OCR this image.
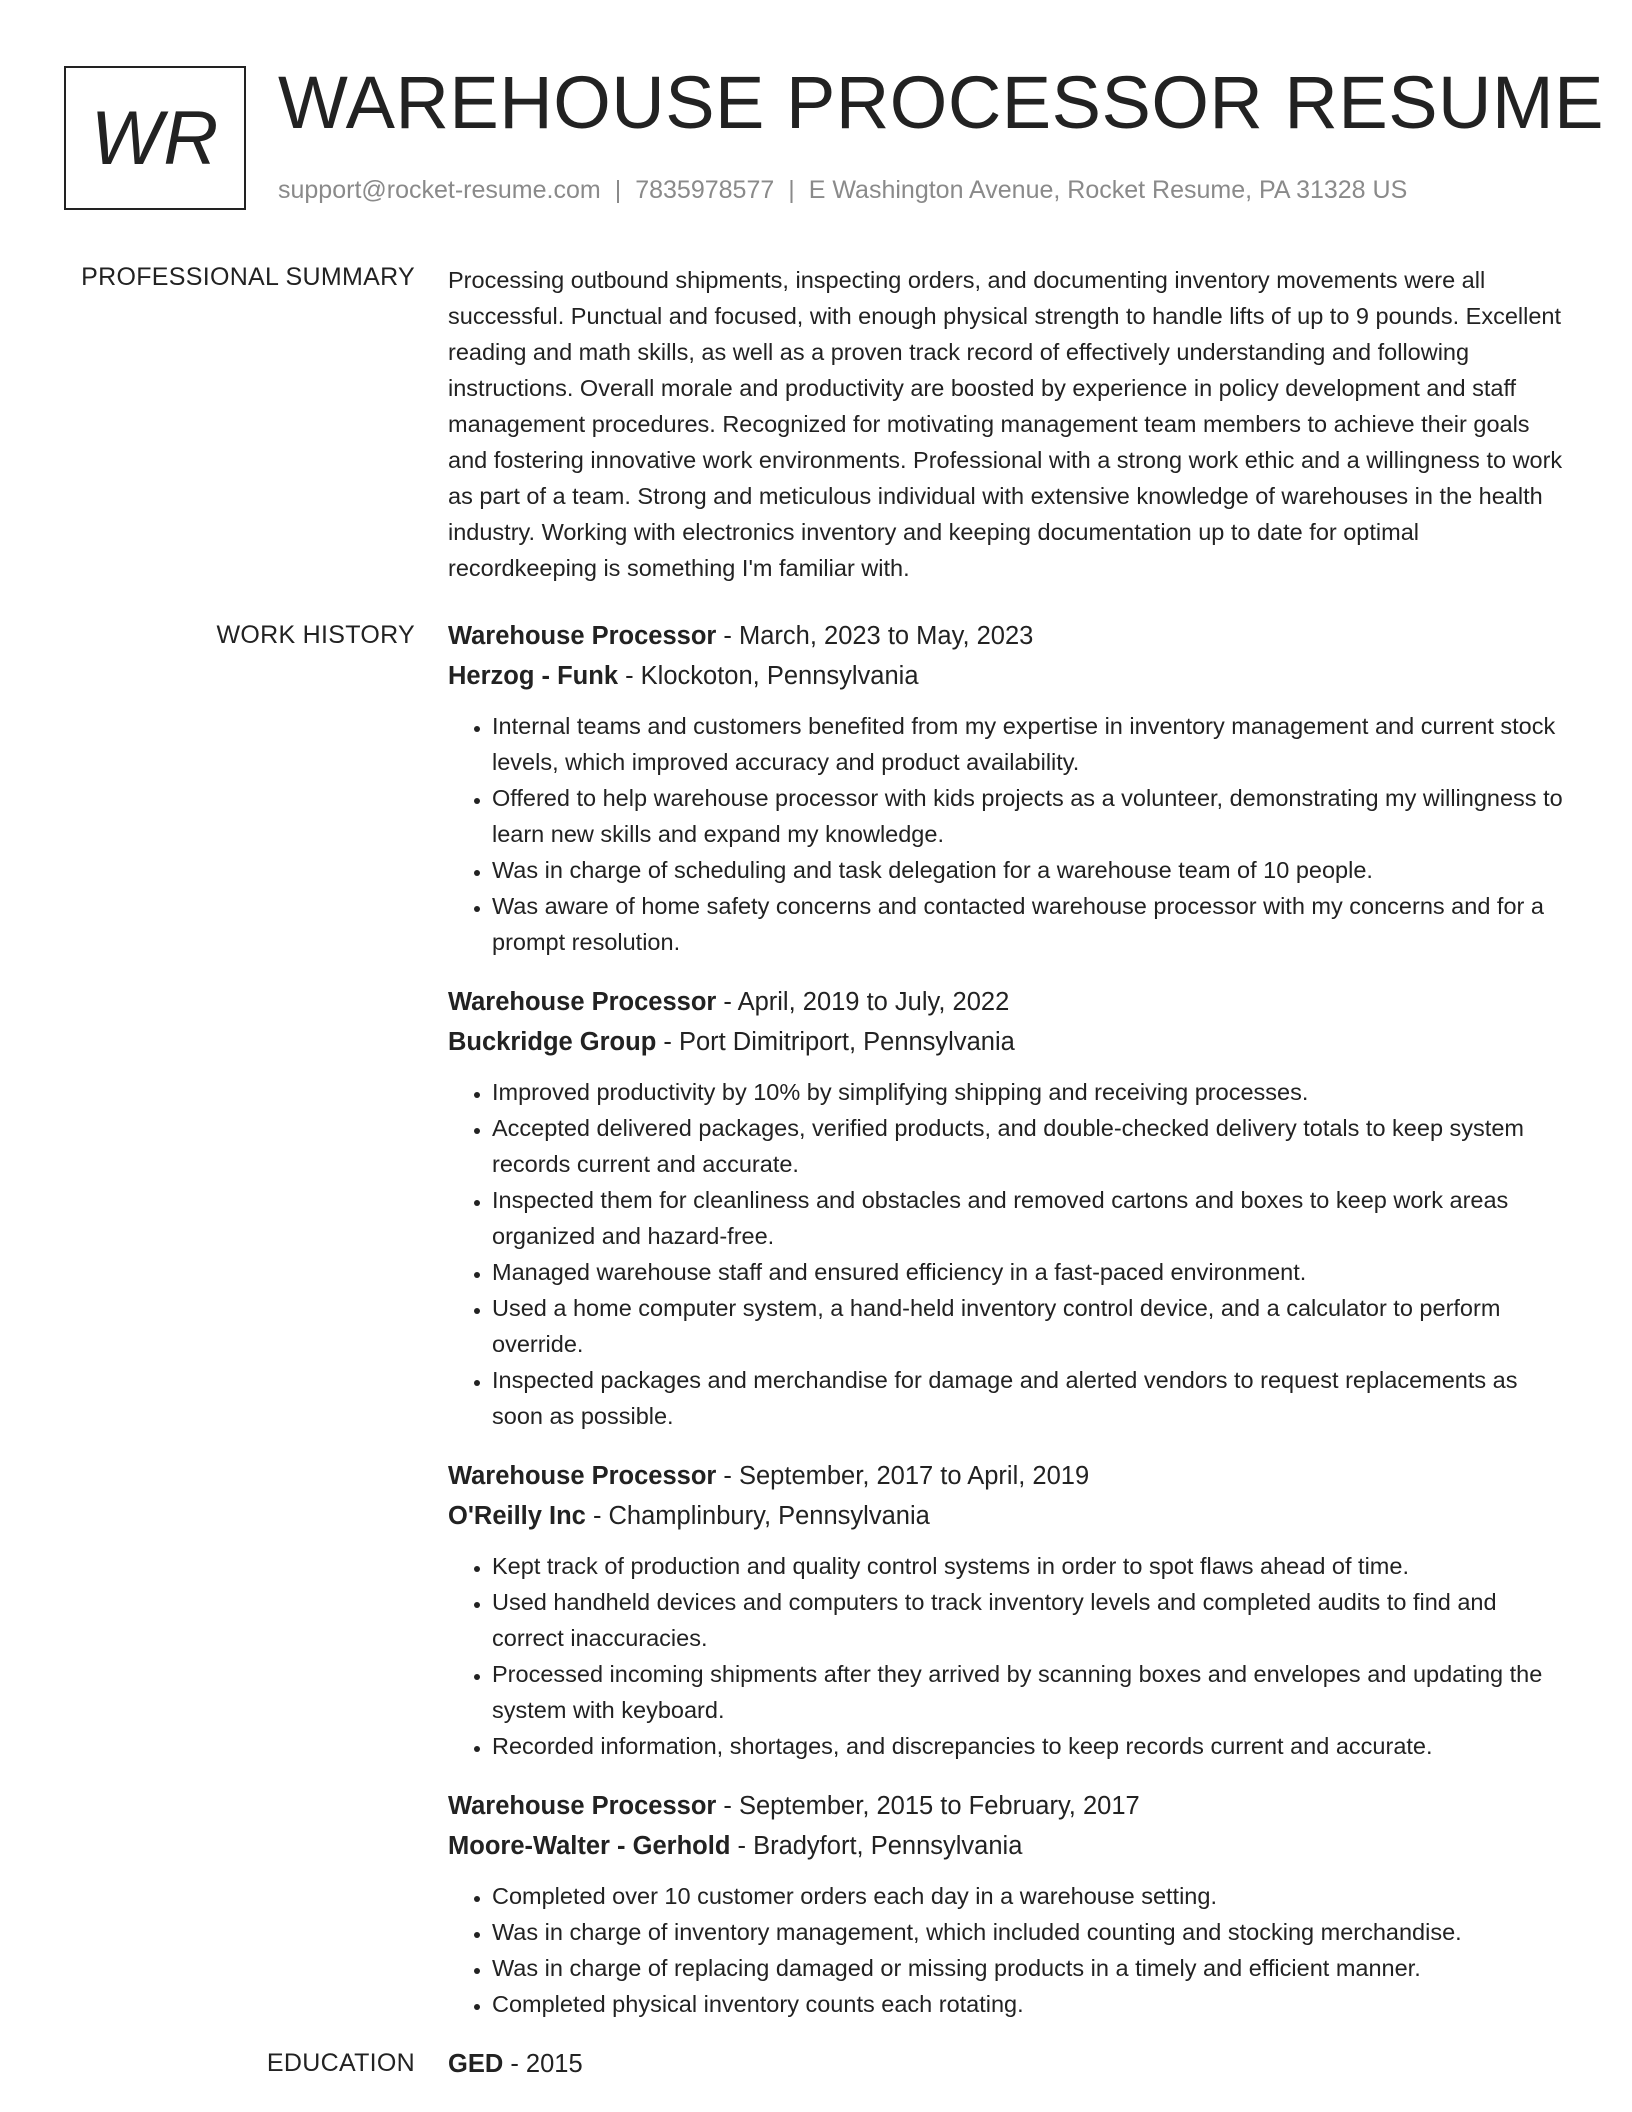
WR WAREHOUSE PROCESSOR RESUME
support@rocket-resume.com | 7835978577 | E Washington Avenue, Rocket Resume, PA 31328 US
PROFESSIONAL SUMMARY Processing outbound shipments, inspecting orders, and documenting inventory movements were all successful. Punctual and focused, with enough physical strength to handle lifts of up to 9 pounds. Excellent reading and math skills, as well as a proven track record of effectively understanding and following instructions. Overall morale and productivity are boosted by experience in policy development and staff management procedures. Recognized for motivating management team members to achieve their goals and fostering innovative work environments. Professional with a strong work ethic and a willingness to work as part of a team. Strong and meticulous individual with extensive knowledge of warehouses in the health industry. Working with electronics inventory and keeping documentation up to date for optimal recordkeeping is something I'm familiar with.

WORK HISTORY Warehouse Processor - March, 2023 to May, 2023
Herzog - Funk - Klockoton, Pennsylvania
• Internal teams and customers benefited from my expertise in inventory management and current stock levels, which improved accuracy and product availability.
• Offered to help warehouse processor with kids projects as a volunteer, demonstrating my willingness to learn new skills and expand my knowledge.
• Was in charge of scheduling and task delegation for a warehouse team of 10 people.
• Was aware of home safety concerns and contacted warehouse processor with my concerns and for a prompt resolution.
Warehouse Processor - April, 2019 to July, 2022
Buckridge Group - Port Dimitriport, Pennsylvania
• Improved productivity by 10% by simplifying shipping and receiving processes.
• Accepted delivered packages, verified products, and double-checked delivery totals to keep system records current and accurate.
• Inspected them for cleanliness and obstacles and removed cartons and boxes to keep work areas organized and hazard-free.
• Managed warehouse staff and ensured efficiency in a fast-paced environment.
• Used a home computer system, a hand-held inventory control device, and a calculator to perform override.
• Inspected packages and merchandise for damage and alerted vendors to request replacements as soon as possible.
Warehouse Processor - September, 2017 to April, 2019
O'Reilly Inc - Champlinbury, Pennsylvania
• Kept track of production and quality control systems in order to spot flaws ahead of time.
• Used handheld devices and computers to track inventory levels and completed audits to find and correct inaccuracies.
• Processed incoming shipments after they arrived by scanning boxes and envelopes and updating the system with keyboard.
• Recorded information, shortages, and discrepancies to keep records current and accurate.
Warehouse Processor - September, 2015 to February, 2017
Moore-Walter - Gerhold - Bradyfort, Pennsylvania
• Completed over 10 customer orders each day in a warehouse setting.
• Was in charge of inventory management, which included counting and stocking merchandise.
• Was in charge of replacing damaged or missing products in a timely and efficient manner.
• Completed physical inventory counts each rotating.
EDUCATION GED - 2015
